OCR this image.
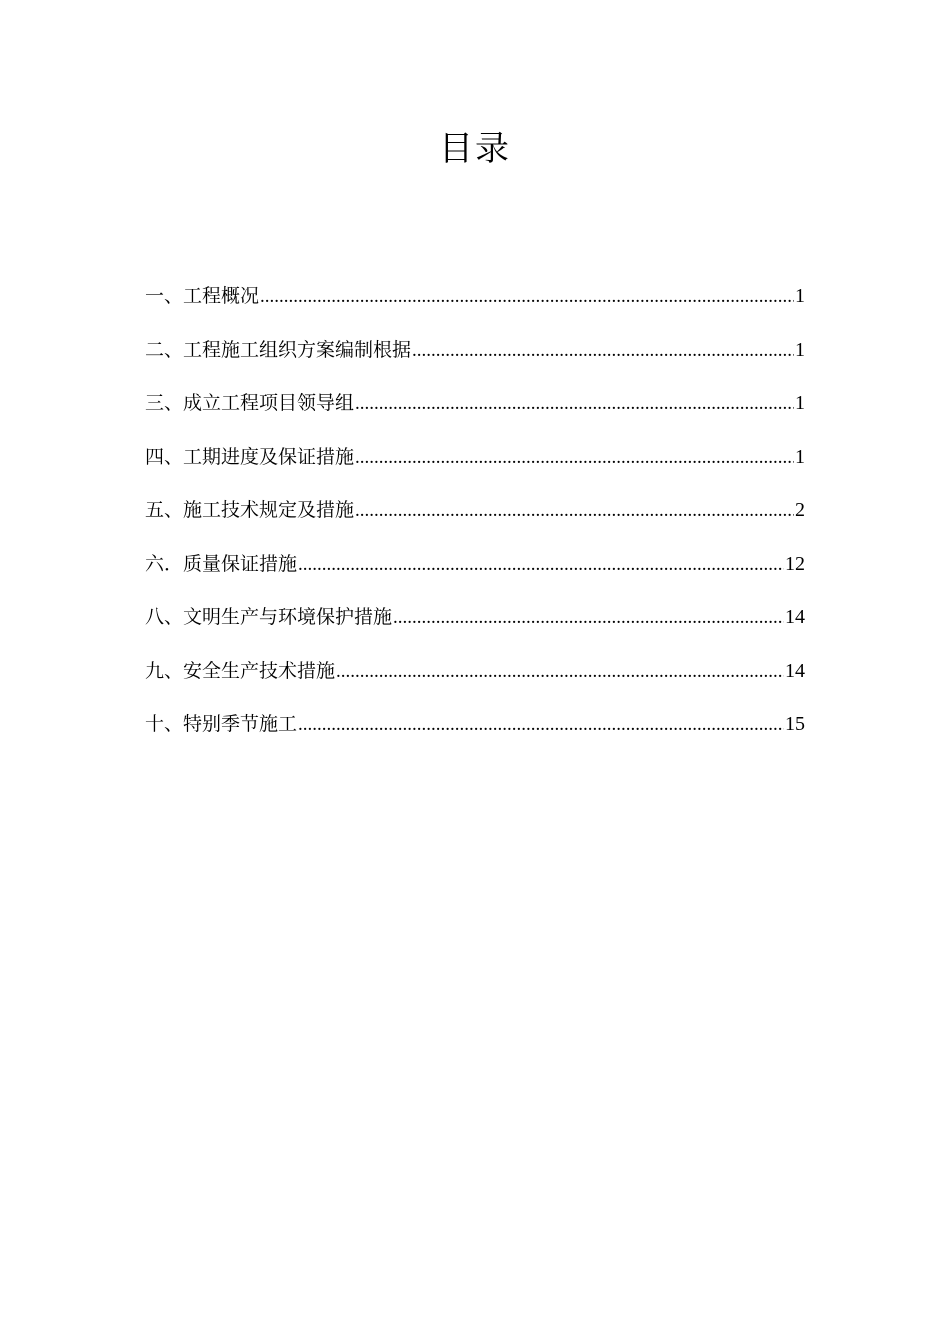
目录
一、工程概况 .....	1
二、工程施工组织方案编制根据 .....	1
三、成立工程项目领导组 .....	1
四、工期进度及保证措施 .....	1
五、施工技术规定及措施 .....	2
六．质量保证措施 .....	12
八、文明生产与环境保护措施 .....	14
九、安全生产技术措施 .....	14
十、特别季节施工 .....	15
